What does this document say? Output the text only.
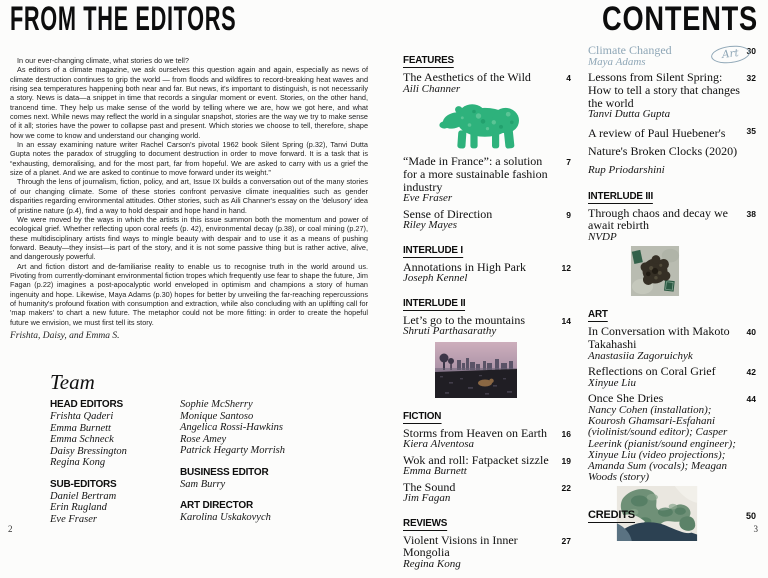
FROM THE EDITORS

In our ever-changing climate, what stories do we tell?

As editors of a climate magazine, we ask ourselves this question again and again, especially as news of climate destruction continues to grip the world — from floods and wildfires to record-breaking heat waves and rising sea temperatures happening both near and far. But news, it's important to distinguish, is not necessarily a story. News is data—a snippet in time that records a singular moment or event. Stories, on the other hand, trancend time. They help us make sense of the world by telling where we are, how we got here, and what comes next. While news may reflect the world in a singular snapshot, stories are the way we try to make sense of it all; stories have the power to collapse past and present. Which stories we choose to tell, therefore, shape how we come to know and understand our changing world.

In an essay examining nature writer Rachel Carson's pivotal 1962 book Silent Spring (p.32), Tanvi Dutta Gupta notes the paradox of struggling to document destruction in order to move forward. It is a task that is “exhausting, demoralising, and for the most part, far from hopeful. We are asked to carry with us a grief the size of a planet. And we are asked to continue to move forward under its weight.”

Through the lens of journalism, fiction, policy, and art, Issue IX builds a conversation out of the many stories of our changing climate. Some of these stories confront pervasive climate inequalities such as gender disparities regarding environmental attitudes. Other stories, such as Aili Channer's essay on the 'delusory' idea of pristine nature (p.4), find a way to hold despair and hope hand in hand.

We were moved by the ways in which the artists in this issue summon both the momentum and power of ecological grief. Whether reflecting upon coral reefs (p. 42), environmental decay (p.38), or coal mining (p.27), these multidisciplinary artists find ways to mingle beauty with despair and to use it as a means of pushing forward. Beauty—they insist—is part of the story, and it is not some passive thing but is rather active, alive, and dangerously powerful.

Art and fiction distort and de-familiarise reality to enable us to recognise truth in the world around us. Pivoting from currently-dominant environmental fiction tropes which frequently use fear to shape the future, Jim Fagan (p.22) imagines a post-apocalyptic world enveloped in optimism and champions a story of human ingenuity and hope. Likewise, Maya Adams (p.30) hopes for better by unveiling the far-reaching repercussions of humanity's profound fixation with consumption and extraction, while also concluding with an uplifting call for 'map makers' to chart a new future. The metaphor could not be more fitting: in order to create the hopeful future we envision, we must first tell its story.

Frishta, Daisy, and Emma S.

Team
HEAD EDITORS
Frishta Qaderi
Emma Burnett
Emma Schneck
Daisy Bressington
Regina Kong
SUB-EDITORS
Daniel Bertram
Erin Rugland
Eve Fraser
Sophie McSherry
Monique Santoso
Angelica Rossi-Hawkins
Rose Amey
Patrick Hegarty Morrish
BUSINESS EDITOR
Sam Burry
ART DIRECTOR
Karolina Uskakovych
2
CONTENTS
FEATURES
The Aesthetics of the Wild
Aili Channer
4
“Made in France”: a solution for a more sustainable fashion industry
Eve Fraser
7
Sense of Direction
Riley Mayes
9
INTERLUDE I
Annotations in High Park
Joseph Kennel
12
INTERLUDE II
Let’s go to the mountains
Shruti Parthasarathy
14
FICTION
Storms from Heaven on Earth
Kiera Alventosa
16
Wok and roll: Fatpacket sizzle
Emma Burnett
19
The Sound
Jim Fagan
22
REVIEWS
Violent Visions in Inner Mongolia
Regina Kong
27
Climate Changed
Maya Adams
Art 30
Lessons from Silent Spring: How to tell a story that changes the world
Tanvi Dutta Gupta
32
A review of Paul Huebener's Nature's Broken Clocks (2020) Rup Priodarshini
35
INTERLUDE III
Through chaos and decay we await rebirth
NVDP
38
ART
In Conversation with Makoto Takahashi
Anastasiia Zagoruichyk
40
Reflections on Coral Grief
Xinyue Liu
42
Once She Dries
Nancy Cohen (installation); Kourosh Ghamsari-Esfahani (violinist/sound editor); Casper Leerink (pianist/sound engineer); Xinyue Liu (video projections); Amanda Sum (vocals); Meagan Woods (story)
44
CREDITS	50
3
